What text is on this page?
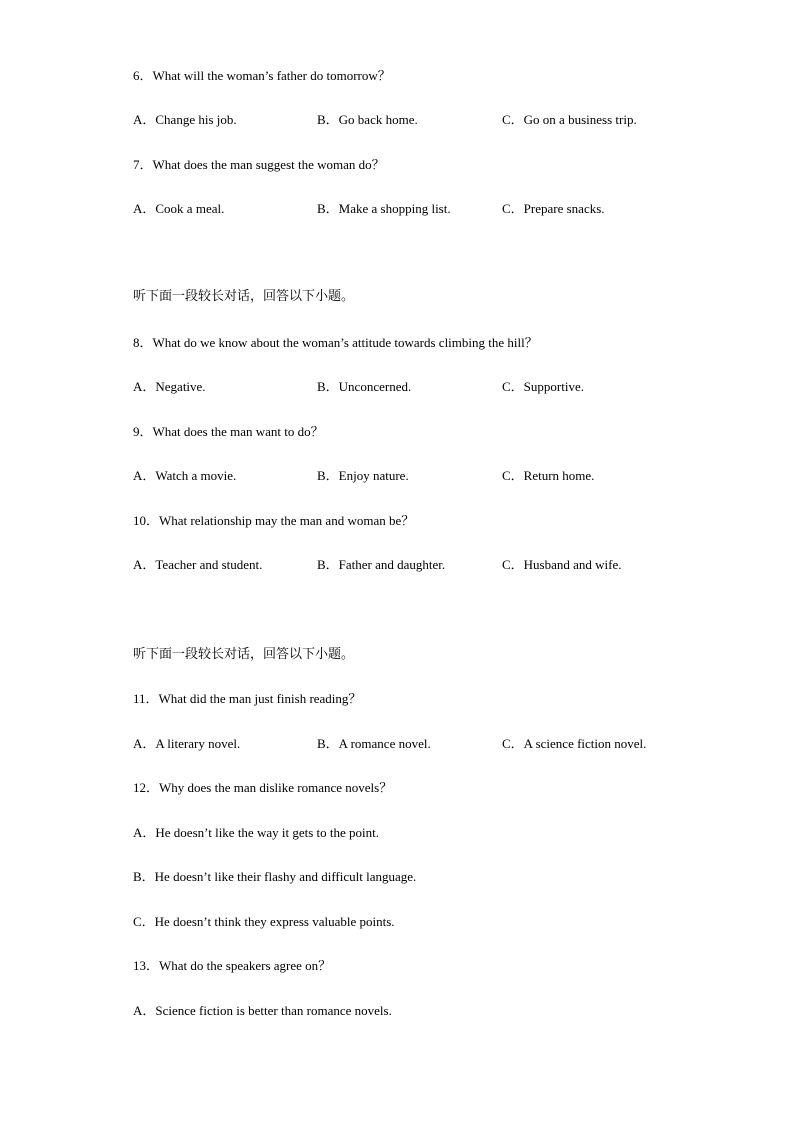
6．What will the woman’s father do tomorrow？
A．Change his job.	B．Go back home.	C．Go on a business trip.
7．What does the man suggest the woman do？
A．Cook a meal.	B．Make a shopping list.	C．Prepare snacks.
听下面一段较长对话，回答以下小题。
8．What do we know about the woman’s attitude towards climbing the hill？
A．Negative.	B．Unconcerned.	C．Supportive.
9．What does the man want to do？
A．Watch a movie.	B．Enjoy nature.	C．Return home.
10．What relationship may the man and woman be？
A．Teacher and student.	B．Father and daughter.	C．Husband and wife.
听下面一段较长对话，回答以下小题。
11．What did the man just finish reading？
A．A literary novel.	B．A romance novel.	C．A science fiction novel.
12．Why does the man dislike romance novels？
A．He doesn’t like the way it gets to the point.
B．He doesn’t like their flashy and difficult language.
C．He doesn’t think they express valuable points.
13．What do the speakers agree on？
A．Science fiction is better than romance novels.
